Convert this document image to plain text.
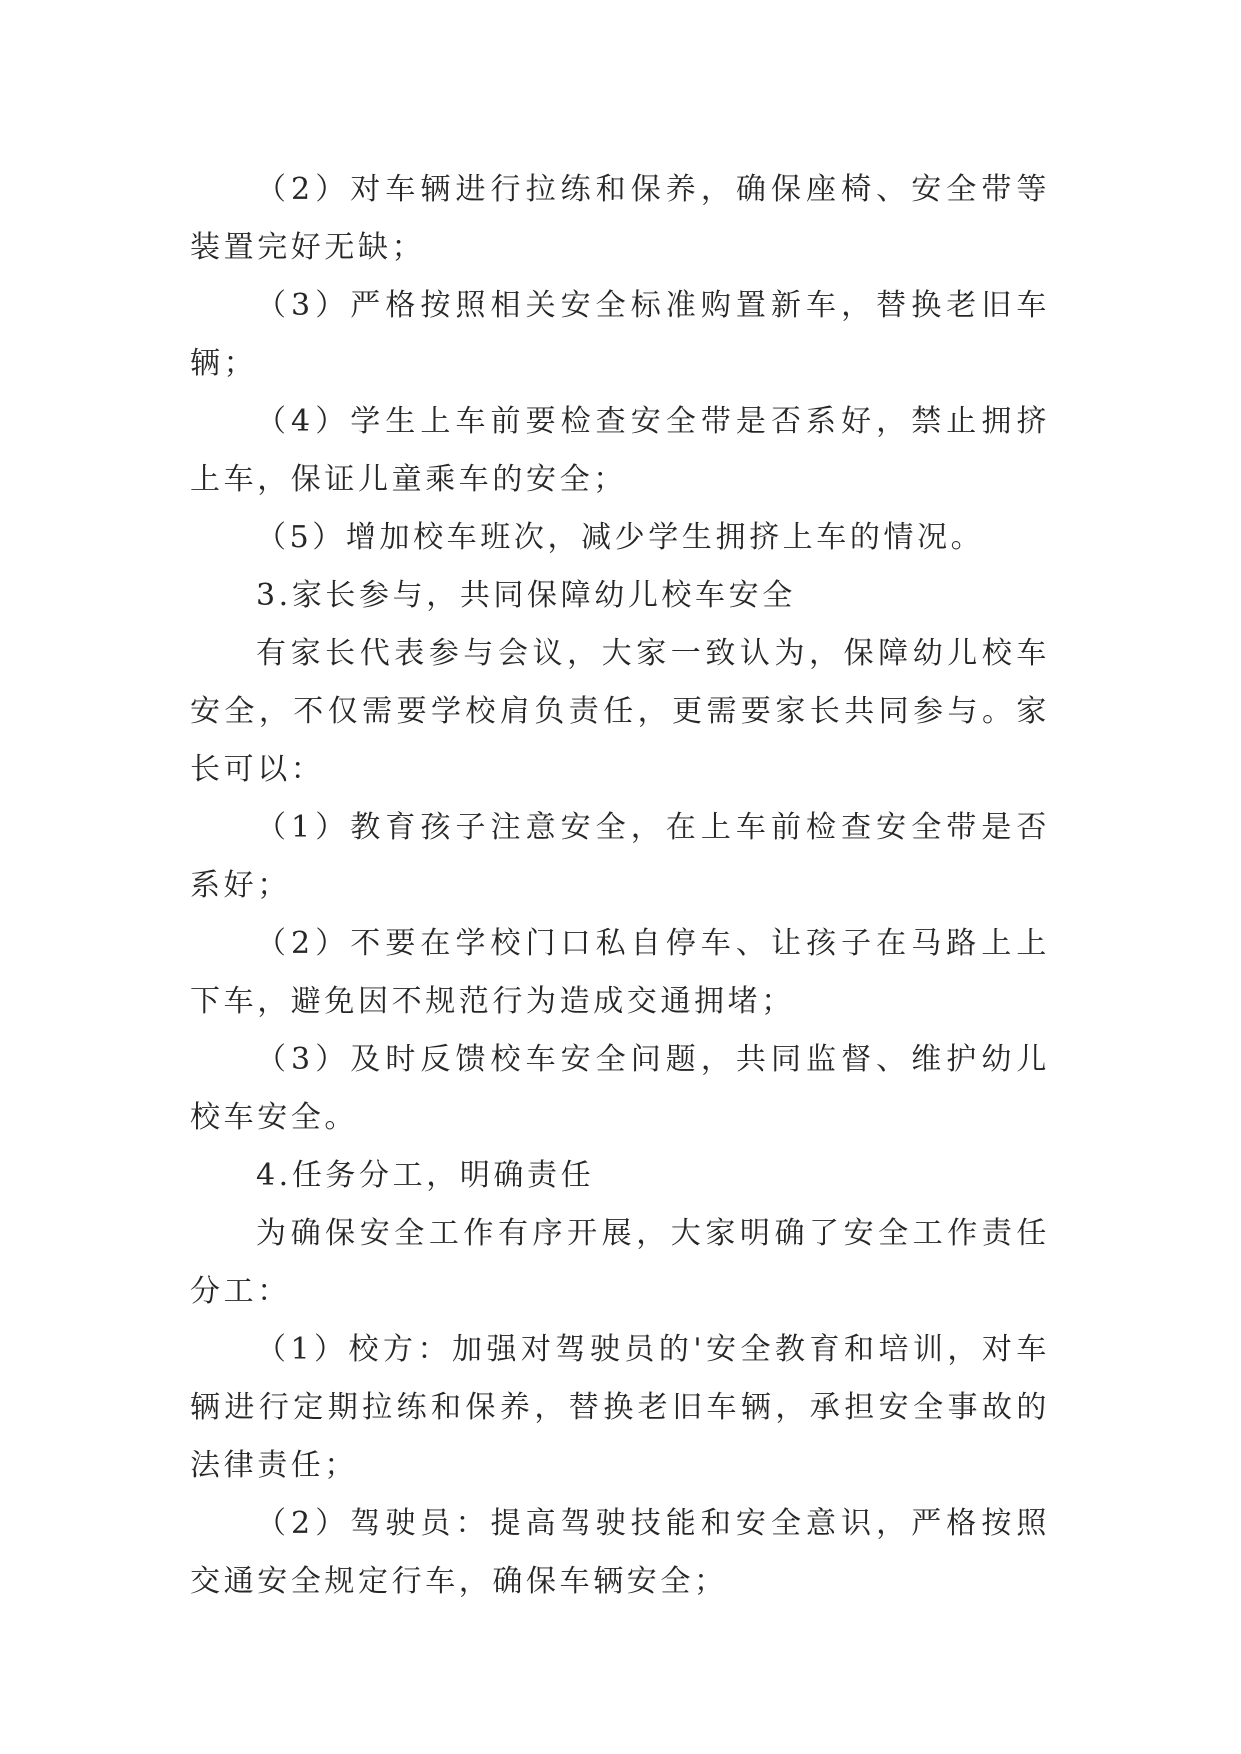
（2）对车辆进行拉练和保养，确保座椅、安全带等装置完好无缺；

（3）严格按照相关安全标准购置新车，替换老旧车辆；

（4）学生上车前要检查安全带是否系好，禁止拥挤上车，保证儿童乘车的安全；

（5）增加校车班次，减少学生拥挤上车的情况。

3.家长参与，共同保障幼儿校车安全

有家长代表参与会议，大家一致认为，保障幼儿校车安全，不仅需要学校肩负责任，更需要家长共同参与。家长可以：

（1）教育孩子注意安全，在上车前检查安全带是否系好；

（2）不要在学校门口私自停车、让孩子在马路上上下车，避免因不规范行为造成交通拥堵；

（3）及时反馈校车安全问题，共同监督、维护幼儿校车安全。

4.任务分工，明确责任

为确保安全工作有序开展，大家明确了安全工作责任分工：

（1）校方：加强对驾驶员的'安全教育和培训，对车辆进行定期拉练和保养，替换老旧车辆，承担安全事故的法律责任；

（2）驾驶员：提高驾驶技能和安全意识，严格按照交通安全规定行车，确保车辆安全；
